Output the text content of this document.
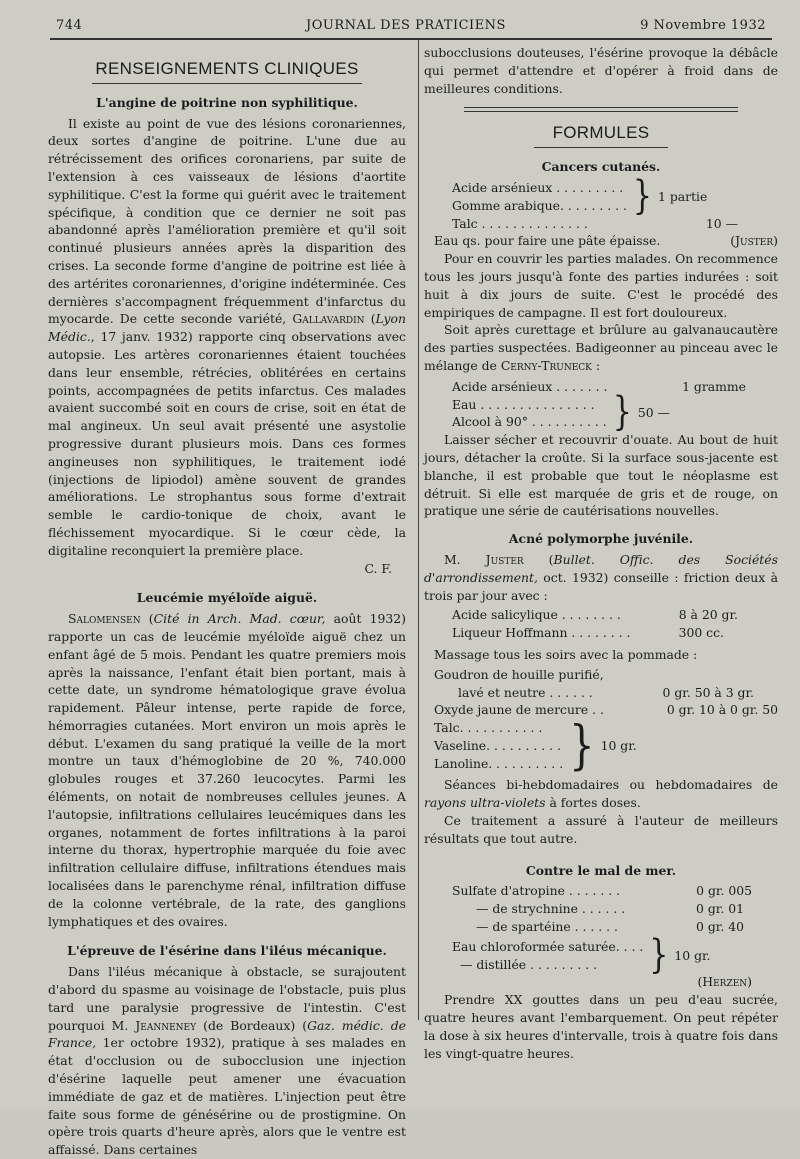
744	JOURNAL DES PRATICIENS	9 Novembre 1932
RENSEIGNEMENTS CLINIQUES
L'angine de poitrine non syphilitique.

Il existe au point de vue des lésions coronariennes, deux sortes d'angine de poitrine. L'une due au rétrécissement des orifices coronariens, par suite de l'extension à ces vaisseaux de lésions d'aortite syphilitique. C'est la forme qui guérit avec le traitement spécifique, à condition que ce dernier ne soit pas abandonné après l'amélioration première et qu'il soit continué plusieurs années après la disparition des crises. La seconde forme d'angine de poitrine est liée à des artérites coronariennes, d'origine indéterminée. Ces dernières s'accompagnent fréquemment d'infarctus du myocarde. De cette seconde variété, Gallavardin (Lyon Médic., 17 janv. 1932) rapporte cinq observations avec autopsie. Les artères coronariennes étaient touchées dans leur ensemble, rétrécies, oblitérées en certains points, accompagnées de petits infarctus. Ces malades avaient succombé soit en cours de crise, soit en état de mal angineux. Un seul avait présenté une asystolie progressive durant plusieurs mois. Dans ces formes angineuses non syphilitiques, le traitement iodé (injections de lipiodol) amène souvent de grandes améliorations. Le strophantus sous forme d'extrait semble le cardio-tonique de choix, avant le fléchissement myocardique. Si le cœur cède, la digitaline reconquiert la première place.

C. F.
Leucémie myéloïde aiguë.

Salomensen (Cité in Arch. Mad. cœur, août 1932) rapporte un cas de leucémie myéloïde aiguë chez un enfant âgé de 5 mois. Pendant les quatre premiers mois après la naissance, l'enfant était bien portant, mais à cette date, un syndrome hématologique grave évolua rapidement. Pâleur intense, perte rapide de force, hémorragies cutanées. Mort environ un mois après le début. L'examen du sang pratiqué la veille de la mort montre un taux d'hémoglobine de 20 %, 740.000 globules rouges et 37.260 leucocytes. Parmi les éléments, on notait de nombreuses cellules jeunes. A l'autopsie, infiltrations cellulaires leucémiques dans les organes, notamment de fortes infiltrations à la paroi interne du thorax, hypertrophie marquée du foie avec infiltration cellulaire diffuse, infiltrations étendues mais localisées dans le parenchyme rénal, infiltration diffuse de la colonne vertébrale, de la rate, des ganglions lymphatiques et des ovaires.

L'épreuve de l'ésérine dans l'iléus mécanique.

Dans l'iléus mécanique à obstacle, se surajoutent d'abord du spasme au voisinage de l'obstacle, puis plus tard une paralysie progressive de l'intestin. C'est pourquoi M. Jeanneney (de Bordeaux) (Gaz. médic. de France, 1er octobre 1932), pratique à ses malades en état d'occlusion ou de subocclusion une injection d'ésérine laquelle peut amener une évacuation immédiate de gaz et de matières. L'injection peut être faite sous forme de génésérine ou de prostigmine. On opère trois quarts d'heure après, alors que le ventre est affaissé. Dans certaines

subocclusions douteuses, l'ésérine provoque la débâcle qui permet d'attendre et d'opérer à froid dans de meilleures conditions.

FORMULES
Cancers cutanés.
Acide arsénieux . . . . . . . . .
Gomme arabique. . . . . . . . . } 1 partie
Talc . . . . . . . . . . . . . .	10 —
Eau qs. pour faire une pâte épaisse.	(Juster)

Pour en couvrir les parties malades. On recommence tous les jours jusqu'à fonte des parties indurées : soit huit à dix jours de suite. C'est le procédé des empiriques de campagne. Il est fort douloureux.

Soit après curettage et brûlure au galvanaucautère des parties suspectées. Badigeonner au pinceau avec le mélange de Cerny-Truneck :

Acide arsénieux . . . . . . .	1 gramme
Eau . . . . . . . . . . . . . . .
Alcool à 90° . . . . . . . . . . } 50 —

Laisser sécher et recouvrir d'ouate. Au bout de huit jours, détacher la croûte. Si la surface sous-jacente est blanche, il est probable que tout le néoplasme est détruit. Si elle est marquée de gris et de rouge, on pratique une série de cautérisations nouvelles.

Acné polymorphe juvénile.

M. Juster (Bullet. Offic. des Sociétés d'arrondissement, oct. 1932) conseille : friction deux à trois par jour avec :

Acide salicylique . . . . . . . .	8 à 20 gr.
Liqueur Hoffmann . . . . . . . .	300 cc.
Massage tous les soirs avec la pommade :
Goudron de houille purifié,
lavé et neutre . . . . . .	0 gr. 50 à 3 gr.
Oxyde jaune de mercure . .	0 gr. 10 à 0 gr. 50
Talc. . . . . . . . . . .
Vaseline. . . . . . . . . .
Lanoline. . . . . . . . . . } 10 gr.

Séances bi-hebdomadaires ou hebdomadaires de rayons ultra-violets à fortes doses.

Ce traitement a assuré à l'auteur de meilleurs résultats que tout autre.

Contre le mal de mer.
Sulfate d'atropine . . . . . . .	0 gr. 005
— de strychnine . . . . . .	0 gr. 01
— de spartéine . . . . . .	0 gr. 40
Eau chloroformée saturée. . . .
— distillée . . . . . . . . .	} 10 gr.
(Herzen)

Prendre XX gouttes dans un peu d'eau sucrée, quatre heures avant l'embarquement. On peut répéter la dose à six heures d'intervalle, trois à quatre fois dans les vingt-quatre heures.
